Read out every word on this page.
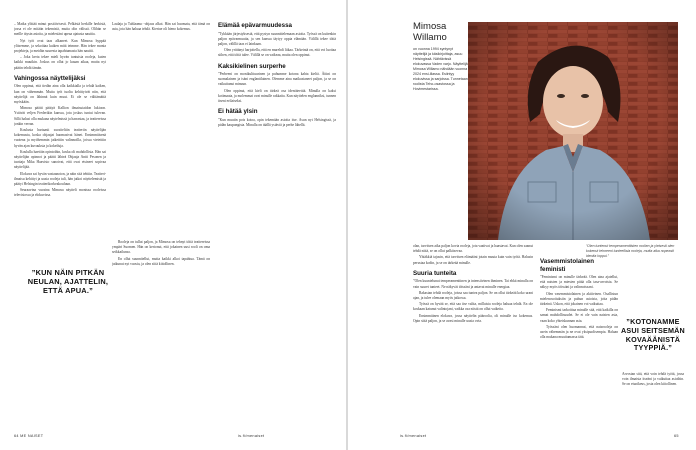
– Matka ylittää minut positiivisesti. Pelkästä herkille herkistä, jossa ei ole mitään tekemistä, mutta olin välissä. Olihän se meille täysin asioita, ja mielestäni upeaa ajatusta nauttia.

Nyt työt ovat taas alkaneet. Kun Mimosa hyppää ylitsemme, ja sekoittaa kaiken mitä teimme. Hän tekee monia projekteja, ja meidän suuresta tapahtumasta hän nauttii.

– Joka kerta tekee mieli hyvän tuntuisia rooleja, kuten kaikki muutkin. Joskus on ollut jo kauan aikaa, mutta nyt päätin tehdä tämän.

Vahingossa näyttelijäksi

Olen oppinut, että tiedän aina olla kaikkialla ja tehdä kaiken, kun on vähemmän. Mutta työt tuolta kehittyivät niin, että näyttelijä on lähinnä kuin muut. Ei ole se välttämättä myöskään.

Mimosa päätti päätyä Kallion ilmaisutaidon lukioon. Ystävät veljen Frederikin kanssa, jota joskus tuntui tulevan. Sillä halusi olla mukana näytelmissä ja harrastaa, ja teattereissa jonkin verran.

Koulusta hartaasti suositeltiin teatteriin näyttelijän kokemusta, koska ohjaajat huomasivat hänet. Ensimmäisenä vuotena ja myöhemmin jatkettiin valinnoilla, joissa vietettiin hyvän ajan kuvauksia ja kokeiluja.

Koululla haettiin opintoihin, koska oli mahdollista. Hän sai näyttelijän opinnot ja päätti lähteä Ohjaaja Antti Pesonen ja tuottaja Mika Haavisto sanoivat, että ovat etsineet sopivaa näyttelijää.

Elokuva sai hyvän vastaanoton, ja näin sitä tehtiin. Teatteri-ilmaisu kehittyi ja uusia rooleja tuli, hän jatkoi näyttelemistä ja päätyi Helsingin teatterikorkeakouluun.

Seuraavina vuosina Mimosa näytteli monissa rooleissa televisiossa ja elokuvissa.

Laulaja ja Tuhlaamo -ohjaus alkoi. Hän sai huomata, että tämä on asia, jota hän haluaa tehdä. Kiertue oli hieno kokemus.

”KUN NÄIN PITKÄN NEULAN, AJATTELIN, ETTÄ APUA.”

Rooleja on tullut paljon, ja Mimosa on tehnyt töitä teattereissa ympäri Suomen. Hän on kertonut, että jokainen uusi rooli on oma seikkailunsa.

En ollut suunnitellut, mutta kaikki alkoi tapahtua. Tämä on jatkunut nyt vuosia, ja olen siitä kiitollinen.

Elämää epävarmuudessa

”Tykkään järjestyksestä, että pystyn suunnittelemaan asioita. Työssä on kuitenkin paljon epävarmuutta, ja sen kanssa täytyy oppia elämään. Välillä tekee töitä paljon, välillä taas ei lainkaan.

Olen yrittänyt harjoitella, että en murehdi liikaa. Tärkeintä on, että voi luottaa siihen, että töitä tulee. Välillä se on vaikeaa, mutta olen oppinut.

Kaksikielinen surperhe

”Perheeni on monikulttuurinen ja puhumme kotona kahta kieltä. Äitini on suomalainen ja isäni englantilainen. Olemme aina matkustaneet paljon, ja se on vaikuttanut minuun.

Olen oppinut, että kieli on tärkeä osa identiteettiä. Minulla on kaksi kotimaata, ja molemmat ovat minulle rakkaita. Kun näyttelen englanniksi, tunnen itseni erilaiseksi.

Ei hätää ylsin

”Kun muutin pois kotoa, opin tekemään asioita itse. Asun nyt Helsingissä, ja pidän kaupungista. Minulla on täällä ystäviä ja perhe lähellä.

64 ME NAISET	is.fi/menaiset
Mimosa Willamo
on vuonna 1994 syntynyt näyttelijä ja käsikirjoittaja, asuu Helsingissä. Nähtävissä elokuvassa Vaden varjo. Näyttelijä Mimosa Willamo nähdään vuonna 2024 ensi-illassa. Esiintyy elokuvissa ja sarjoissa. Tunnetaan roolista Teho-osastossa ja Hovimestarissa.
”Olen tuntenut temperamenttisten roolien ja yleisesti olen kokenut tehneeni tunteellisia rooleja, mutta aika nopeasti ideoita loppui.”

olan, tarvitsen aika paljon kovia rooleja, jota vaativat ja haastavat. Kun olen saanut tehdä niitä, se on ollut palkitsevaa.

Yhtäkkiä tajusin, että tarvitsen elämääni jotain muuta kuin vain työtä. Halusin perustaa kodin, ja se on tärkeää minulle.

Suuria tunteita

”Olen kuuntelunut temperamenttinen ja intensiivinen ihminen. Tai ehkä minulla on vain suuret tunteet. Ne näkyvät töissäni ja antavat minulle energiaa.

Rakastan tehdä rooleja, joissa saa tuntea paljon. Se on ollut tärkeää koko urani ajan, ja tulee olemaan myös jatkossa.

Työssä on hyvää se, että saa itse valita, millaisia rooleja haluaa tehdä. En ole koskaan katunut valintojani, vaikka osa niistä on ollut vaikeita.

Ensimmäinen elokuva, jossa näyttelin pääroolia, oli minulle iso kokemus. Opin siitä paljon, ja se avasi minulle uusia ovia.

Vasemmistolainen feministi

”Feminismi on minulle tärkeää. Olen aina ajatellut, että naisten ja miesten pitää olla tasa-arvoisia. Se näkyy myös töissäni ja valinnoissani.

Olen vasemmistolainen ja aktiivinen. Osallistun mielenosoituksiin ja puhun asioista, joita pidän tärkeinä. Uskon, että jokainen voi vaikuttaa.

Feminismi tarkoittaa minulle sitä, että kaikilla on samat mahdollisuudet. Se ei ole vain naisten asia, vaan koko yhteiskunnan asia.

Työssäni olen huomannut, että naisrooleja on usein vähemmän ja ne ovat yksipuolisempia. Haluan olla mukana muuttamassa tätä.

”KOTONAMME ASUI SEITSEMÄN KOVAÄÄNISTÄ TYYPPIÄ.”

Arvostan sitä, että voin tehdä työtä, jossa voin ilmaista itseäni ja vaikuttaa asioihin. Se on etuoikeus, josta olen kiitollinen.

is.fi/menaiset	65
